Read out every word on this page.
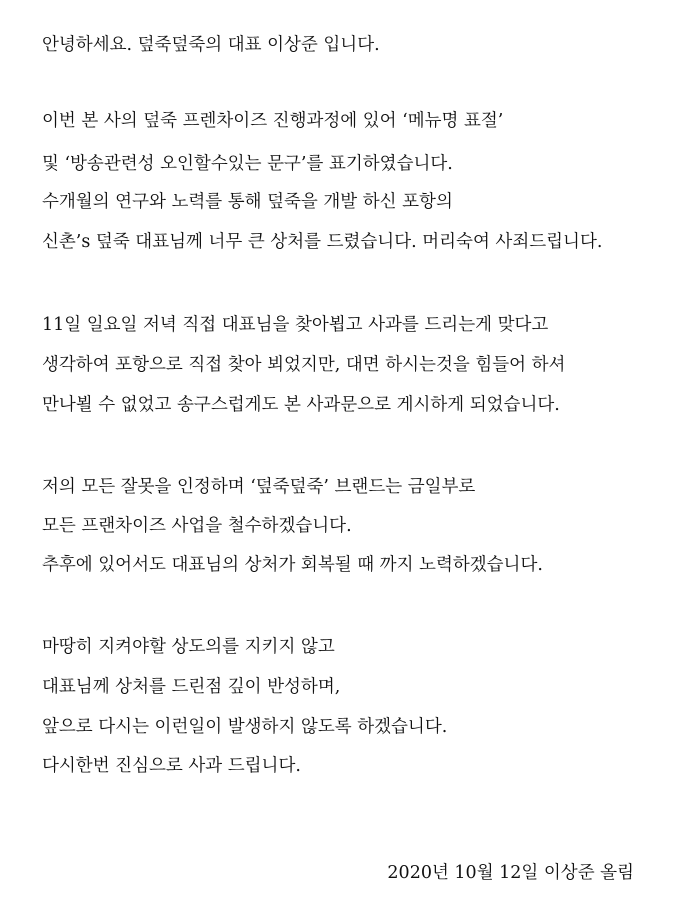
안녕하세요. 덮죽덮죽의 대표 이상준 입니다.
이번 본 사의 덮죽 프렌차이즈 진행과정에 있어 ‘메뉴명 표절’
및 ‘방송관련성 오인할수있는 문구’를 표기하였습니다.
수개월의 연구와 노력를 통해 덮죽을 개발 하신 포항의
신촌’s 덮죽 대표님께 너무 큰 상처를 드렸습니다. 머리숙여 사죄드립니다.
11일 일요일 저녁 직접 대표님을 찾아뵙고 사과를 드리는게 맞다고
생각하여 포항으로 직접 찾아 뵈었지만, 대면 하시는것을 힘들어 하셔
만나뵐 수 없었고 송구스럽게도 본 사과문으로 게시하게 되었습니다.
저의 모든 잘못을 인정하며 ‘덮죽덮죽’ 브랜드는 금일부로
모든 프랜차이즈 사업을 철수하겠습니다.
추후에 있어서도 대표님의 상처가 회복될 때 까지 노력하겠습니다.
마땅히 지켜야할 상도의를 지키지 않고
대표님께 상처를 드린점 깊이 반성하며,
앞으로 다시는 이런일이 발생하지 않도록 하겠습니다.
다시한번 진심으로 사과 드립니다.
2020년 10월 12일 이상준 올림
